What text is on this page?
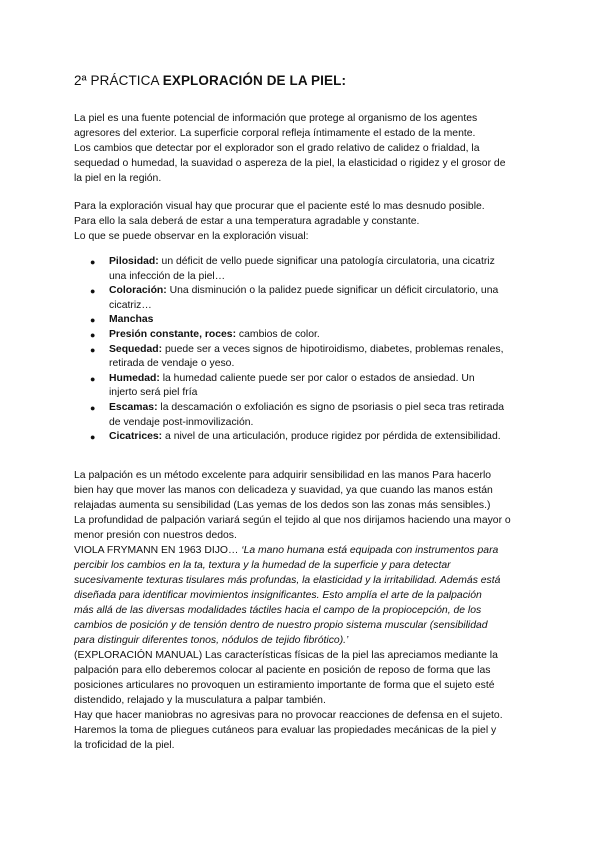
2ª PRÁCTICA EXPLORACIÓN DE LA PIEL:

La piel es una fuente potencial de información que protege al organismo de los agentes
agresores del exterior. La superficie corporal refleja íntimamente el estado de la mente.
Los cambios que detectar por el explorador son el grado relativo de calidez o frialdad, la
sequedad o humedad, la suavidad o aspereza de la piel, la elasticidad o rigidez y el grosor de
la piel en la región.

Para la exploración visual hay que procurar que el paciente esté lo mas desnudo posible.
Para ello la sala deberá de estar a una temperatura agradable y constante.
Lo que se puede observar en la exploración visual:

● Pilosidad: un déficit de vello puede significar una patología circulatoria, una cicatriz
una infección de la piel…
● Coloración: Una disminución o la palidez puede significar un déficit circulatorio, una
cicatriz…
● Manchas
● Presión constante, roces: cambios de color.
● Sequedad: puede ser a veces signos de hipotiroidismo, diabetes, problemas renales,
retirada de vendaje o yeso.
● Humedad: la humedad caliente puede ser por calor o estados de ansiedad. Un
injerto será piel fría
● Escamas: la descamación o exfoliación es signo de psoriasis o piel seca tras retirada
de vendaje post-inmovilización.
● Cicatrices: a nivel de una articulación, produce rigidez por pérdida de extensibilidad.

La palpación es un método excelente para adquirir sensibilidad en las manos Para hacerlo
bien hay que mover las manos con delicadeza y suavidad, ya que cuando las manos están
relajadas aumenta su sensibilidad (Las yemas de los dedos son las zonas más sensibles.)
La profundidad de palpación variará según el tejido al que nos dirijamos haciendo una mayor o
menor presión con nuestros dedos.
VIOLA FRYMANN EN 1963 DIJO… ‘La mano humana está equipada con instrumentos para
percibir los cambios en la ta, textura y la humedad de la superficie y para detectar
sucesivamente texturas tisulares más profundas, la elasticidad y la irritabilidad. Además está
diseñada para identificar movimientos insignificantes. Esto amplía el arte de la palpación
más allá de las diversas modalidades táctiles hacia el campo de la propiocepción, de los
cambios de posición y de tensión dentro de nuestro propio sistema muscular (sensibilidad
para distinguir diferentes tonos, nódulos de tejido fibrótico).’
(EXPLORACIÓN MANUAL) Las características físicas de la piel las apreciamos mediante la
palpación para ello deberemos colocar al paciente en posición de reposo de forma que las
posiciones articulares no provoquen un estiramiento importante de forma que el sujeto esté
distendido, relajado y la musculatura a palpar también.
Hay que hacer maniobras no agresivas para no provocar reacciones de defensa en el sujeto.
Haremos la toma de pliegues cutáneos para evaluar las propiedades mecánicas de la piel y
la troficidad de la piel.
